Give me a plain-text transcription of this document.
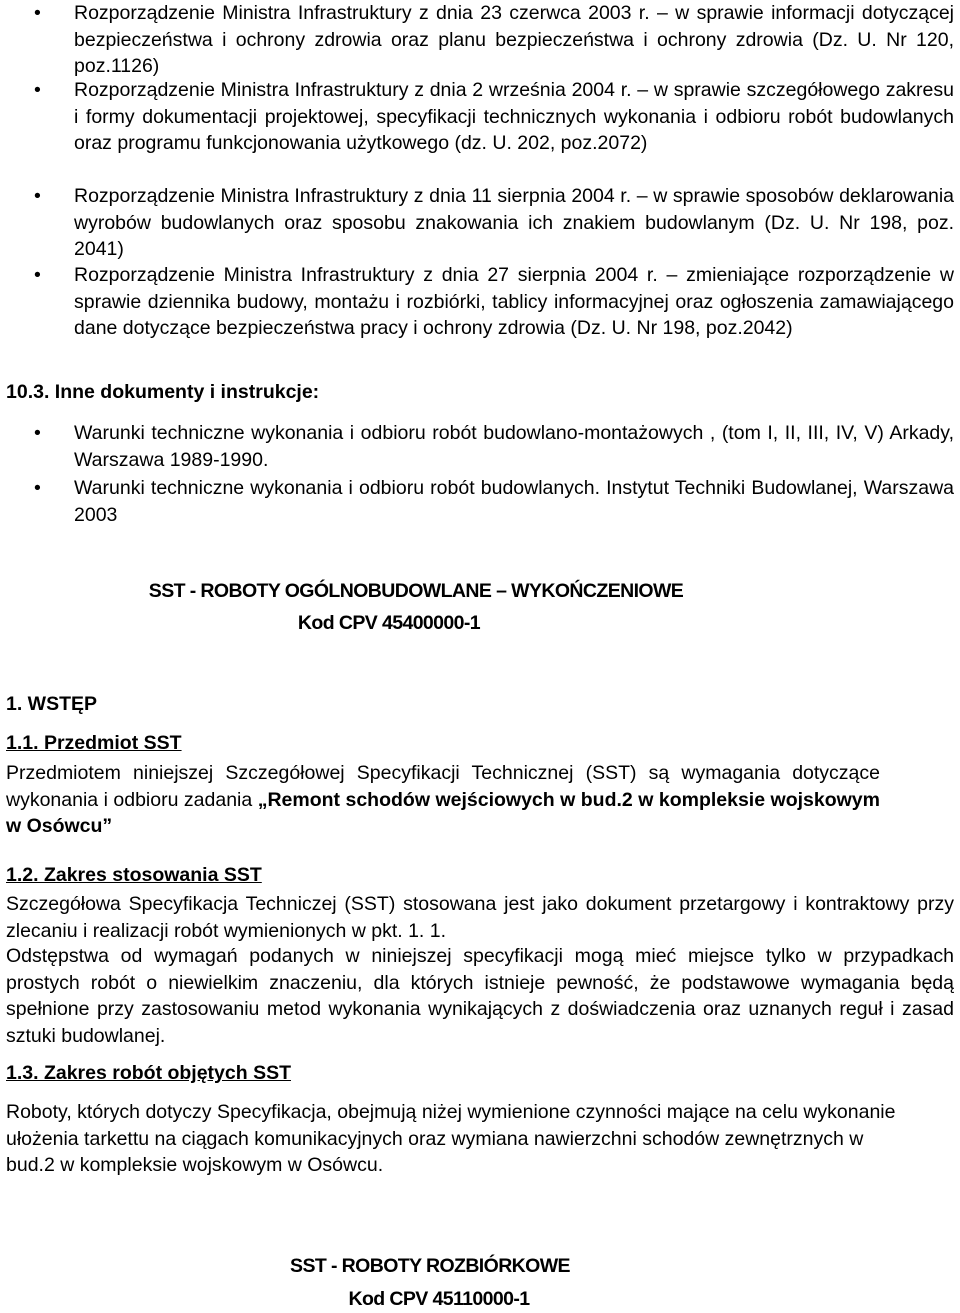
• Rozporządzenie Ministra Infrastruktury z dnia 23 czerwca 2003 r. – w sprawie informacji dotyczącej bezpieczeństwa i ochrony zdrowia oraz planu bezpieczeństwa i ochrony zdrowia (Dz. U. Nr 120, poz.1126)
• Rozporządzenie Ministra Infrastruktury z dnia 2 września 2004 r. – w sprawie szczegółowego zakresu i formy dokumentacji projektowej, specyfikacji technicznych wykonania i odbioru robót budowlanych oraz programu funkcjonowania użytkowego (dz. U. 202, poz.2072)
• Rozporządzenie Ministra Infrastruktury z dnia 11 sierpnia 2004 r. – w sprawie sposobów deklarowania wyrobów budowlanych oraz sposobu znakowania ich znakiem budowlanym (Dz. U. Nr 198, poz. 2041)
• Rozporządzenie Ministra Infrastruktury z dnia 27 sierpnia 2004 r. – zmieniające rozporządzenie w sprawie dziennika budowy, montażu i rozbiórki, tablicy informacyjnej oraz ogłoszenia zamawiającego dane dotyczące bezpieczeństwa pracy i ochrony zdrowia (Dz. U. Nr 198, poz.2042)
10.3. Inne dokumenty i instrukcje:
• Warunki techniczne wykonania i odbioru robót budowlano-montażowych , (tom I, II, III, IV, V) Arkady, Warszawa 1989-1990.
• Warunki techniczne wykonania i odbioru robót budowlanych. Instytut Techniki Budowlanej, Warszawa 2003
SST - ROBOTY OGÓLNOBUDOWLANE – WYKOŃCZENIOWE
Kod CPV 45400000-1
1. WSTĘP
1.1. Przedmiot SST
Przedmiotem niniejszej Szczegółowej Specyfikacji Technicznej (SST) są wymagania dotyczące wykonania i odbioru zadania „Remont schodów wejściowych w bud.2 w kompleksie wojskowym w Osówcu”
1.2. Zakres stosowania SST
Szczegółowa Specyfikacja Techniczej (SST) stosowana jest jako dokument przetargowy i kontraktowy przy zlecaniu i realizacji robót wymienionych w pkt. 1. 1.
Odstępstwa od wymagań podanych w niniejszej specyfikacji mogą mieć miejsce tylko w przypadkach prostych robót o niewielkim znaczeniu, dla których istnieje pewność, że podstawowe wymagania będą spełnione przy zastosowaniu metod wykonania wynikających z doświadczenia oraz uznanych reguł i zasad sztuki budowlanej.
1.3. Zakres robót objętych SST
Roboty, których dotyczy Specyfikacja, obejmują niżej wymienione czynności mające na celu wykonanie ułożenia tarkettu na ciągach komunikacyjnych oraz wymiana nawierzchni schodów zewnętrznych w bud.2 w kompleksie wojskowym w Osówcu.
SST - ROBOTY ROZBIÓRKOWE
Kod CPV 45110000-1
